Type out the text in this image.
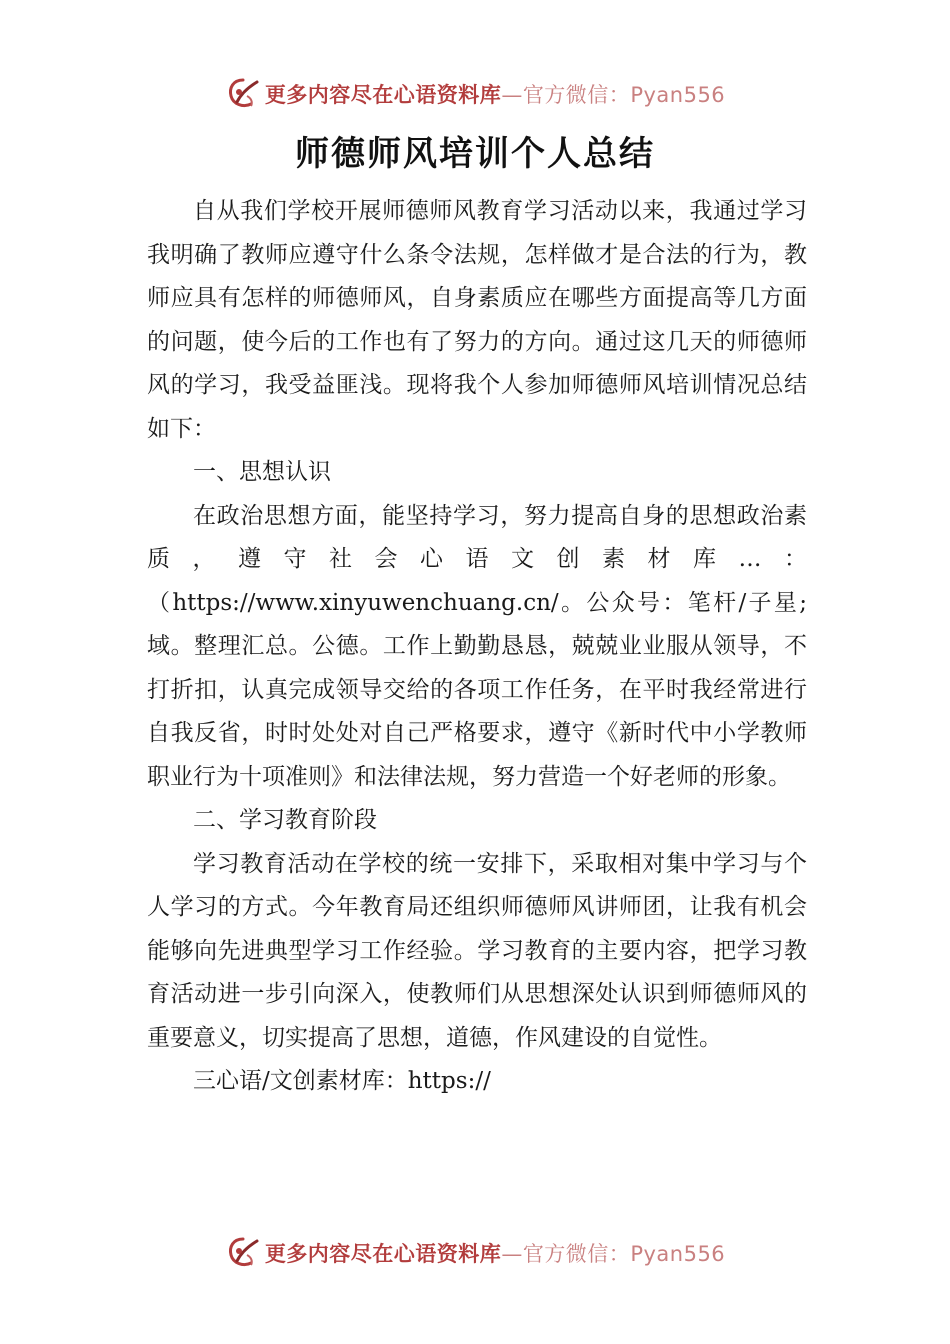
更多内容尽在心语资料库—官方微信：Pyan556
师德师风培训个人总结

自从我们学校开展师德师风教育学习活动以来，我通过学习我明确了教师应遵守什么条令法规，怎样做才是合法的行为，教师应具有怎样的师德师风，自身素质应在哪些方面提高等几方面的问题，使今后的工作也有了努力的方向。通过这几天的师德师风的学习，我受益匪浅。现将我个人参加师德师风培训情况总结如下：

一、思想认识

在政治思想方面，能坚持学习，努力提高自身的思想政治素质，遵守社会心语文创素材库…：（https://www.xinyuwenchuang.cn/。公众号：笔杆/子星;域。整理汇总。公德。工作上勤勤恳恳，兢兢业业服从领导，不打折扣，认真完成领导交给的各项工作任务，在平时我经常进行自我反省，时时处处对自己严格要求，遵守《新时代中小学教师职业行为十项准则》和法律法规，努力营造一个好老师的形象。

二、学习教育阶段

学习教育活动在学校的统一安排下，采取相对集中学习与个人学习的方式。今年教育局还组织师德师风讲师团，让我有机会能够向先进典型学习工作经验。学习教育的主要内容，把学习教育活动进一步引向深入，使教师们从思想深处认识到师德师风的重要意义，切实提高了思想，道德，作风建设的自觉性。

三心语/文创素材库：https://

更多内容尽在心语资料库—官方微信：Pyan556
